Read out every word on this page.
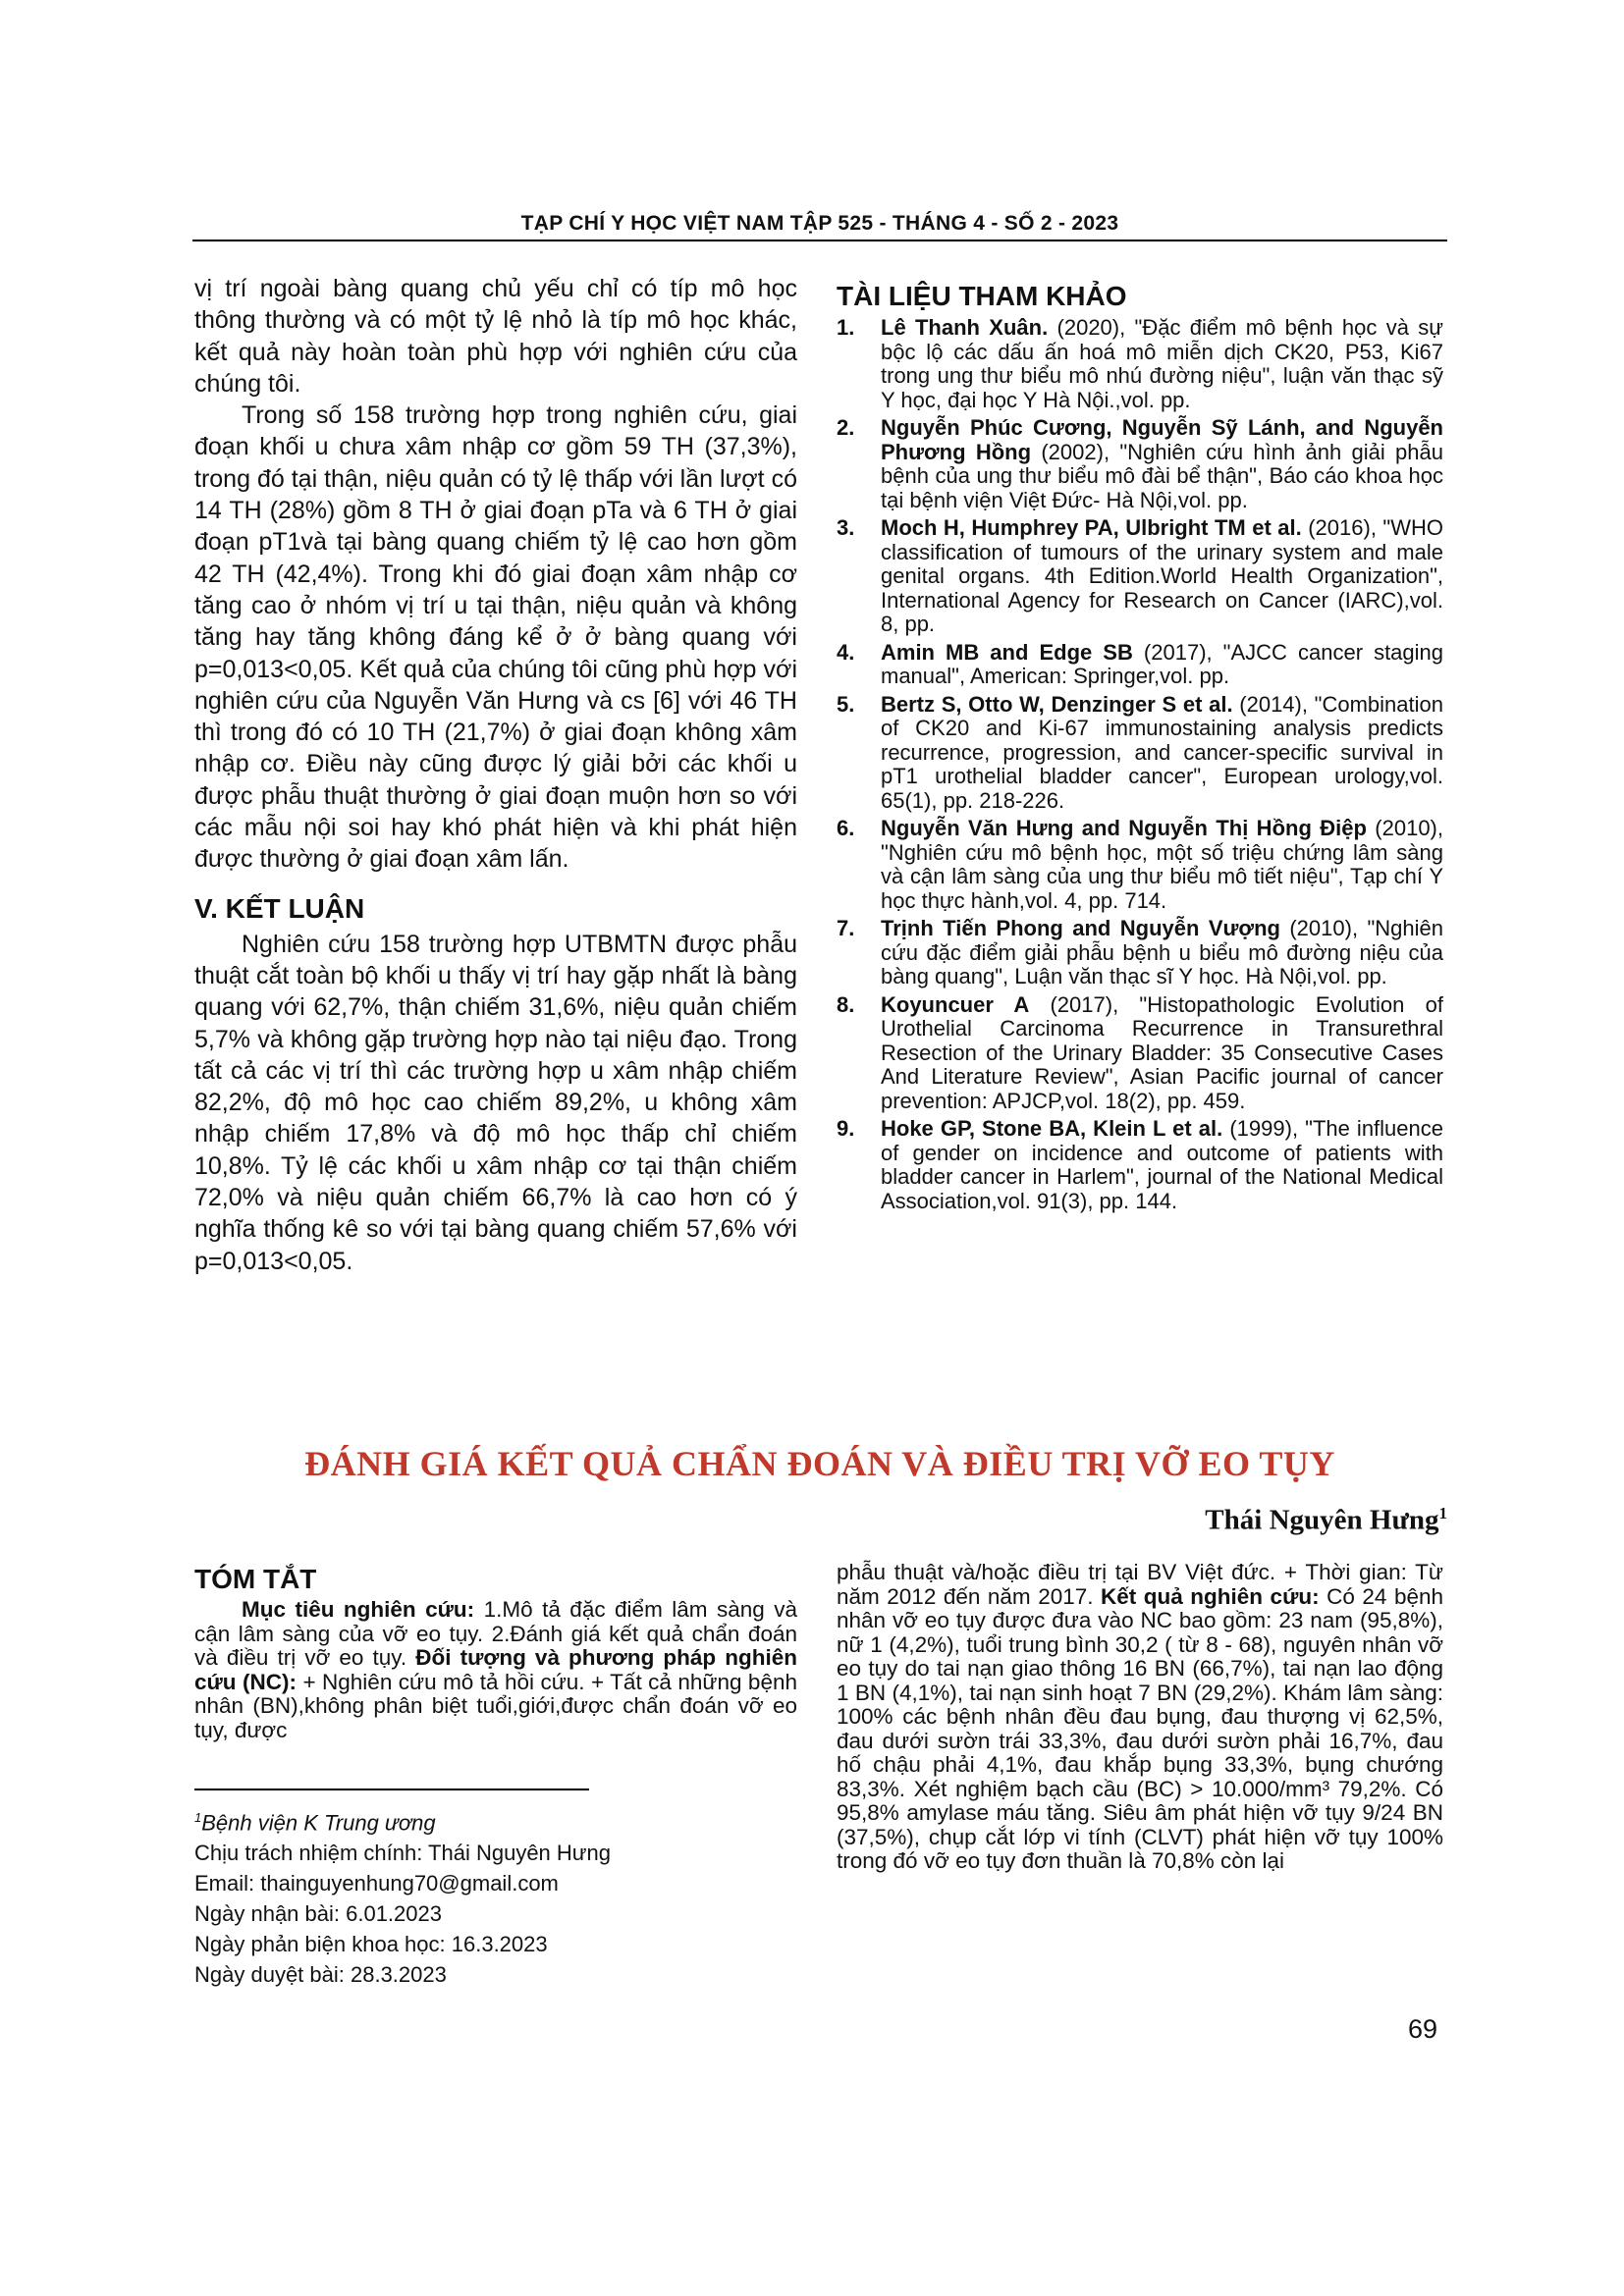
TẠP CHÍ Y HỌC VIỆT NAM TẬP 525 - THÁNG 4 - SỐ 2 - 2023

vị trí ngoài bàng quang chủ yếu chỉ có típ mô học thông thường và có một tỷ lệ nhỏ là típ mô học khác, kết quả này hoàn toàn phù hợp với nghiên cứu của chúng tôi.

Trong số 158 trường hợp trong nghiên cứu, giai đoạn khối u chưa xâm nhập cơ gồm 59 TH (37,3%), trong đó tại thận, niệu quản có tỷ lệ thấp với lần lượt có 14 TH (28%) gồm 8 TH ở giai đoạn pTa và 6 TH ở giai đoạn pT1và tại bàng quang chiếm tỷ lệ cao hơn gồm 42 TH (42,4%). Trong khi đó giai đoạn xâm nhập cơ tăng cao ở nhóm vị trí u tại thận, niệu quản và không tăng hay tăng không đáng kể ở ở bàng quang với p=0,013<0,05. Kết quả của chúng tôi cũng phù hợp với nghiên cứu của Nguyễn Văn Hưng và cs [6] với 46 TH thì trong đó có 10 TH (21,7%) ở giai đoạn không xâm nhập cơ. Điều này cũng được lý giải bởi các khối u được phẫu thuật thường ở giai đoạn muộn hơn so với các mẫu nội soi hay khó phát hiện và khi phát hiện được thường ở giai đoạn xâm lấn.

V. KẾT LUẬN

Nghiên cứu 158 trường hợp UTBMTN được phẫu thuật cắt toàn bộ khối u thấy vị trí hay gặp nhất là bàng quang với 62,7%, thận chiếm 31,6%, niệu quản chiếm 5,7% và không gặp trường hợp nào tại niệu đạo. Trong tất cả các vị trí thì các trường hợp u xâm nhập chiếm 82,2%, độ mô học cao chiếm 89,2%, u không xâm nhập chiếm 17,8% và độ mô học thấp chỉ chiếm 10,8%. Tỷ lệ các khối u xâm nhập cơ tại thận chiếm 72,0% và niệu quản chiếm 66,7% là cao hơn có ý nghĩa thống kê so với tại bàng quang chiếm 57,6% với p=0,013<0,05.

TÀI LIỆU THAM KHẢO
1.	Lê Thanh Xuân. (2020), "Đặc điểm mô bệnh học và sự bộc lộ các dấu ấn hoá mô miễn dịch CK20, P53, Ki67 trong ung thư biểu mô nhú đường niệu", luận văn thạc sỹ Y học, đại học Y Hà Nội.,vol. pp.
2.	Nguyễn Phúc Cương, Nguyễn Sỹ Lánh, and Nguyễn Phương Hồng (2002), "Nghiên cứu hình ảnh giải phẫu bệnh của ung thư biểu mô đài bể thận", Báo cáo khoa học tại bệnh viện Việt Đức- Hà Nội,vol. pp.
3.	Moch H, Humphrey PA, Ulbright TM et al. (2016), "WHO classification of tumours of the urinary system and male genital organs. 4th Edition.World Health Organization", International Agency for Research on Cancer (IARC),vol. 8, pp.
4.	Amin MB and Edge SB (2017), "AJCC cancer staging manual", American: Springer,vol. pp.
5.	Bertz S, Otto W, Denzinger S et al. (2014), "Combination of CK20 and Ki-67 immunostaining analysis predicts recurrence, progression, and cancer-specific survival in pT1 urothelial bladder cancer", European urology,vol. 65(1), pp. 218-226.
6.	Nguyễn Văn Hưng and Nguyễn Thị Hồng Điệp (2010), "Nghiên cứu mô bệnh học, một số triệu chứng lâm sàng và cận lâm sàng của ung thư biểu mô tiết niệu", Tạp chí Y học thực hành,vol. 4, pp. 714.
7.	Trịnh Tiến Phong and Nguyễn Vượng (2010), "Nghiên cứu đặc điểm giải phẫu bệnh u biểu mô đường niệu của bàng quang", Luận văn thạc sĩ Y học. Hà Nội,vol. pp.
8.	Koyuncuer A (2017), "Histopathologic Evolution of Urothelial Carcinoma Recurrence in Transurethral Resection of the Urinary Bladder: 35 Consecutive Cases And Literature Review", Asian Pacific journal of cancer prevention: APJCP,vol. 18(2), pp. 459.
9.	Hoke GP, Stone BA, Klein L et al. (1999), "The influence of gender on incidence and outcome of patients with bladder cancer in Harlem", journal of the National Medical Association,vol. 91(3), pp. 144.
ĐÁNH GIÁ KẾT QUẢ CHẨN ĐOÁN VÀ ĐIỀU TRỊ VỠ EO TỤY
Thái Nguyên Hưng$^1$
TÓM TẮT

Mục tiêu nghiên cứu: 1.Mô tả đặc điểm lâm sàng và cận lâm sàng của vỡ eo tụy. 2.Đánh giá kết quả chẩn đoán và điều trị vỡ eo tụy. Đối tượng và phương pháp nghiên cứu (NC): + Nghiên cứu mô tả hồi cứu. + Tất cả những bệnh nhân (BN),không phân biệt tuổi,giới,được chẩn đoán vỡ eo tụy, được

phẫu thuật và/hoặc điều trị tại BV Việt đức. + Thời gian: Từ năm 2012 đến năm 2017. Kết quả nghiên cứu: Có 24 bệnh nhân vỡ eo tụy được đưa vào NC bao gồm: 23 nam (95,8%), nữ 1 (4,2%), tuổi trung bình 30,2 ( từ 8 - 68), nguyên nhân vỡ eo tụy do tai nạn giao thông 16 BN (66,7%), tai nạn lao động 1 BN (4,1%), tai nạn sinh hoạt 7 BN (29,2%). Khám lâm sàng: 100% các bệnh nhân đều đau bụng, đau thượng vị 62,5%, đau dưới sườn trái 33,3%, đau dưới sườn phải 16,7%, đau hố chậu phải 4,1%, đau khắp bụng 33,3%, bụng chướng 83,3%. Xét nghiệm bạch cầu (BC) > 10.000/mm³ 79,2%. Có 95,8% amylase máu tăng. Siêu âm phát hiện vỡ tụy 9/24 BN (37,5%), chụp cắt lớp vi tính (CLVT) phát hiện vỡ tụy 100% trong đó vỡ eo tụy đơn thuần là 70,8% còn lại

$^1$Bệnh viện K Trung ương

Chịu trách nhiệm chính: Thái Nguyên Hưng

Email: thainguyenhung70@gmail.com

Ngày nhận bài: 6.01.2023

Ngày phản biện khoa học: 16.3.2023

Ngày duyệt bài: 28.3.2023

69
